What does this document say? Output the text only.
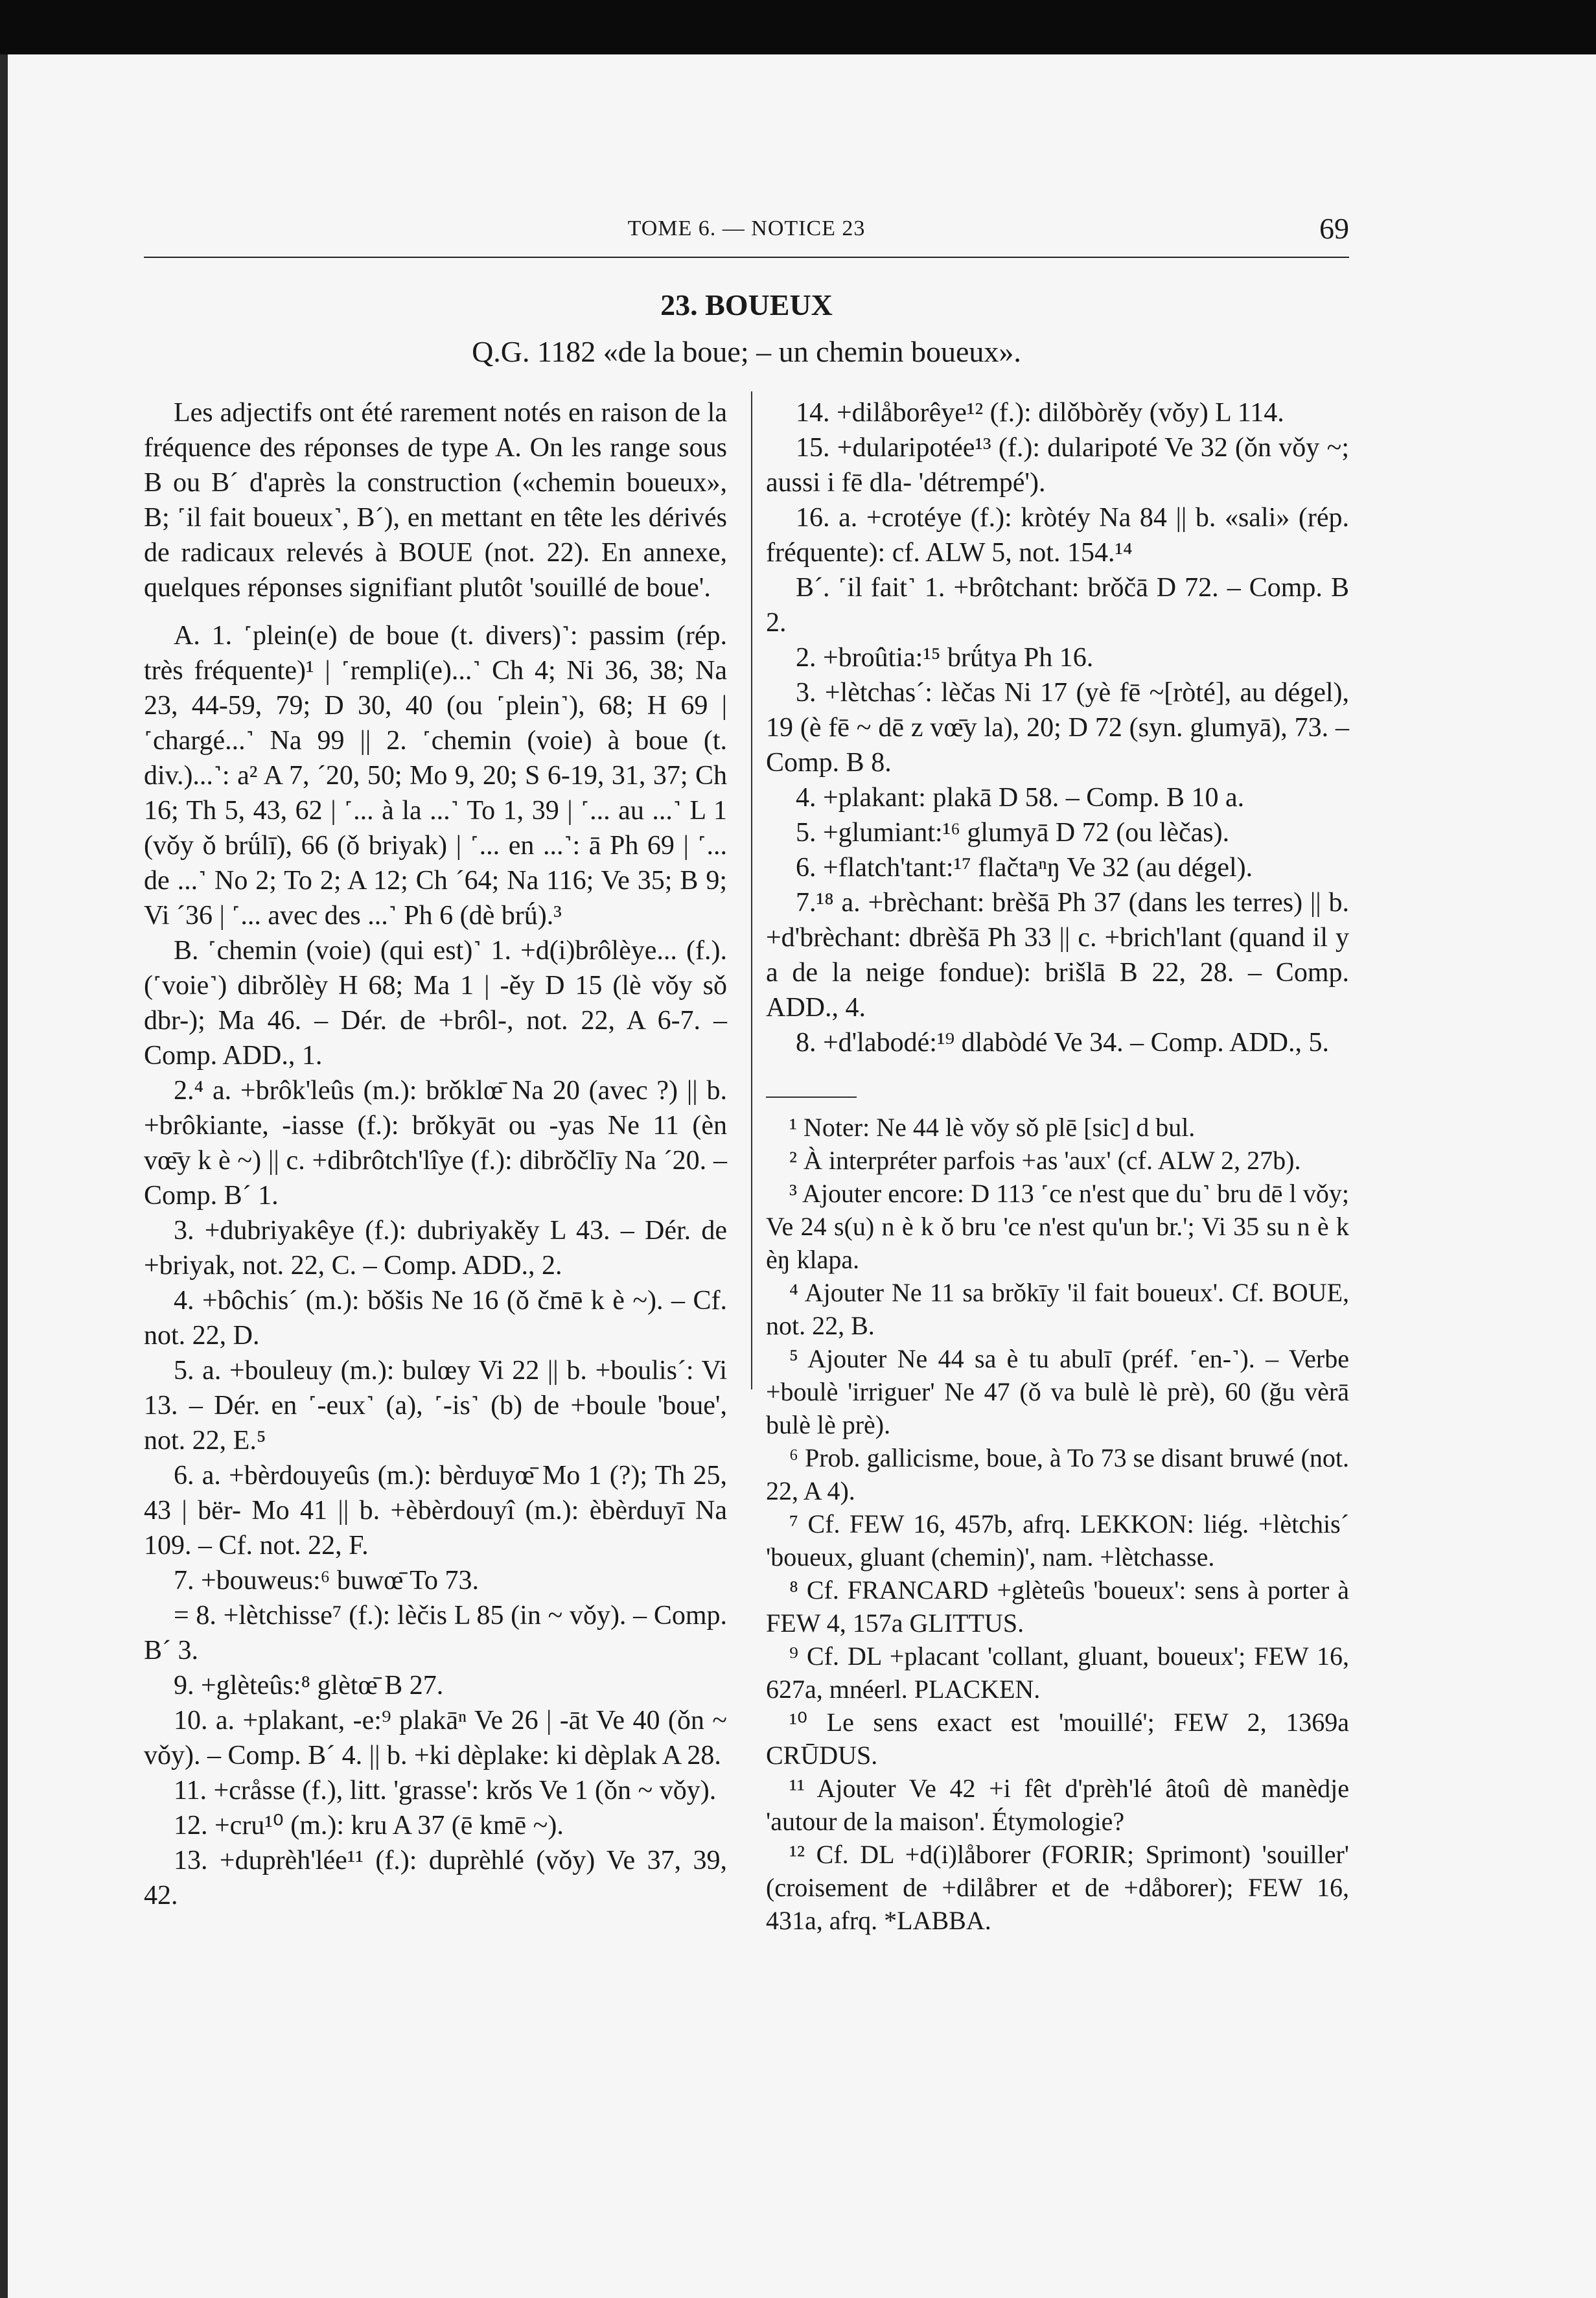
TOME 6. — NOTICE 23	69
23. BOUEUX
Q.G. 1182 «de la boue; – un chemin boueux».

Les adjectifs ont été rarement notés en raison de la fréquence des réponses de type A. On les range sous B ou B´ d'après la construction («chemin boueux», B; ˹il fait boueux˺, B´), en mettant en tête les dérivés de radicaux relevés à BOUE (not. 22). En annexe, quelques réponses signifiant plutôt 'souillé de boue'.

A. 1. ˹plein(e) de boue (t. divers)˺: passim (rép. très fréquente)¹ | ˹rempli(e)...˺ Ch 4; Ni 36, 38; Na 23, 44-59, 79; D 30, 40 (ou ˹plein˺), 68; H 69 | ˹chargé...˺ Na 99 || 2. ˹chemin (voie) à boue (t. div.)...˺: a² A 7, ´20, 50; Mo 9, 20; S 6-19, 31, 37; Ch 16; Th 5, 43, 62 | ˹... à la ...˺ To 1, 39 | ˹... au ...˺ L 1 (vǒy ǒ brǘlī), 66 (ǒ briyak) | ˹... en ...˺: ā Ph 69 | ˹... de ...˺ No 2; To 2; A 12; Ch ´64; Na 116; Ve 35; B 9; Vi ´36 | ˹... avec des ...˺ Ph 6 (dè brǘ).³

B. ˹chemin (voie) (qui est)˺ 1. +d(i)brôlèye... (f.). (˹voie˺) dibrǒlèy H 68; Ma 1 | -ěy D 15 (lè vǒy sǒ dbr-); Ma 46. – Dér. de +brôl-, not. 22, A 6-7. – Comp. ADD., 1.

2.⁴ a. +brôk'leûs (m.): brǒklœ̄ Na 20 (avec ?) || b. +brôkiante, -iasse (f.): brǒkyāt ou -yas Ne 11 (èn vœ̄y k è ~) || c. +dibrôtch'lîye (f.): dibrǒčlīy Na ´20. – Comp. B´ 1.

3. +dubriyakêye (f.): dubriyakěy L 43. – Dér. de +briyak, not. 22, C. – Comp. ADD., 2.

4. +bôchis´ (m.): bǒšis Ne 16 (ǒ čmē k è ~). – Cf. not. 22, D.

5. a. +bouleuy (m.): bulœy Vi 22 || b. +boulis´: Vi 13. – Dér. en ˹-eux˺ (a), ˹-is˺ (b) de +boule 'boue', not. 22, E.⁵

6. a. +bèrdouyeûs (m.): bèrduyœ̄ Mo 1 (?); Th 25, 43 | bër- Mo 41 || b. +èbèrdouyî (m.): èbèrduyī Na 109. – Cf. not. 22, F.

7. +bouweus:⁶ buwœ̄ To 73.

= 8. +lètchisse⁷ (f.): lèčis L 85 (in ~ vǒy). – Comp. B´ 3.

9. +glèteûs:⁸ glètœ̄ B 27.

10. a. +plakant, -e:⁹ plakāⁿ Ve 26 | -āt Ve 40 (ǒn ~ vǒy). – Comp. B´ 4. || b. +ki dèplake: ki dèplak A 28.

11. +cråsse (f.), litt. 'grasse': krǒs Ve 1 (ǒn ~ vǒy).

12. +cru¹⁰ (m.): kru A 37 (ē kmē ~).

13. +duprèh'lée¹¹ (f.): duprèhlé (vǒy) Ve 37, 39, 42.

14. +dilåborêye¹² (f.): dilǒbòrěy (vǒy) L 114.

15. +dularipotée¹³ (f.): dularipoté Ve 32 (ǒn vǒy ~; aussi i fē dla- 'détrempé').

16. a. +crotéye (f.): kròtéy Na 84 || b. «sali» (rép. fréquente): cf. ALW 5, not. 154.¹⁴

B´. ˹il fait˺ 1. +brôtchant: brǒčā D 72. – Comp. B 2.

2. +broûtia:¹⁵ brǘtya Ph 16.

3. +lètchas´: lèčas Ni 17 (yè fē ~[ròté], au dégel), 19 (è fē ~ dē z vœ̄y la), 20; D 72 (syn. glumyā), 73. – Comp. B 8.

4. +plakant: plakā D 58. – Comp. B 10 a.

5. +glumiant:¹⁶ glumyā D 72 (ou lèčas).

6. +flatch'tant:¹⁷ flačtaⁿŋ Ve 32 (au dégel).

7.¹⁸ a. +brèchant: brèšā Ph 37 (dans les terres) || b. +d'brèchant: dbrèšā Ph 33 || c. +brich'lant (quand il y a de la neige fondue): brišlā B 22, 28. – Comp. ADD., 4.

8. +d'labodé:¹⁹ dlabòdé Ve 34. – Comp. ADD., 5.

¹ Noter: Ne 44 lè vǒy sǒ plē [sic] d bul.

² À interpréter parfois +as 'aux' (cf. ALW 2, 27b).

³ Ajouter encore: D 113 ˹ce n'est que du˺ bru dē l vǒy; Ve 24 s(u) n è k ǒ bru 'ce n'est qu'un br.'; Vi 35 su n è k èŋ klapa.

⁴ Ajouter Ne 11 sa brǒkīy 'il fait boueux'. Cf. BOUE, not. 22, B.

⁵ Ajouter Ne 44 sa è tu abulī (préf. ˹en-˺). – Verbe +boulè 'irriguer' Ne 47 (ǒ va bulè lè prè), 60 (ğu vèrā bulè lè prè).

⁶ Prob. gallicisme, boue, à To 73 se disant bruwé (not. 22, A 4).

⁷ Cf. FEW 16, 457b, afrq. LEKKON: liég. +lètchis´ 'boueux, gluant (chemin)', nam. +lètchasse.

⁸ Cf. FRANCARD +glèteûs 'boueux': sens à porter à FEW 4, 157a GLITTUS.

⁹ Cf. DL +placant 'collant, gluant, boueux'; FEW 16, 627a, mnéerl. PLACKEN.

¹⁰ Le sens exact est 'mouillé'; FEW 2, 1369a CRŪDUS.

¹¹ Ajouter Ve 42 +i fêt d'prèh'lé âtoû dè manèdje 'autour de la maison'. Étymologie?

¹² Cf. DL +d(i)låborer (FORIR; Sprimont) 'souiller' (croisement de +dilåbrer et de +dåborer); FEW 16, 431a, afrq. *LABBA.
